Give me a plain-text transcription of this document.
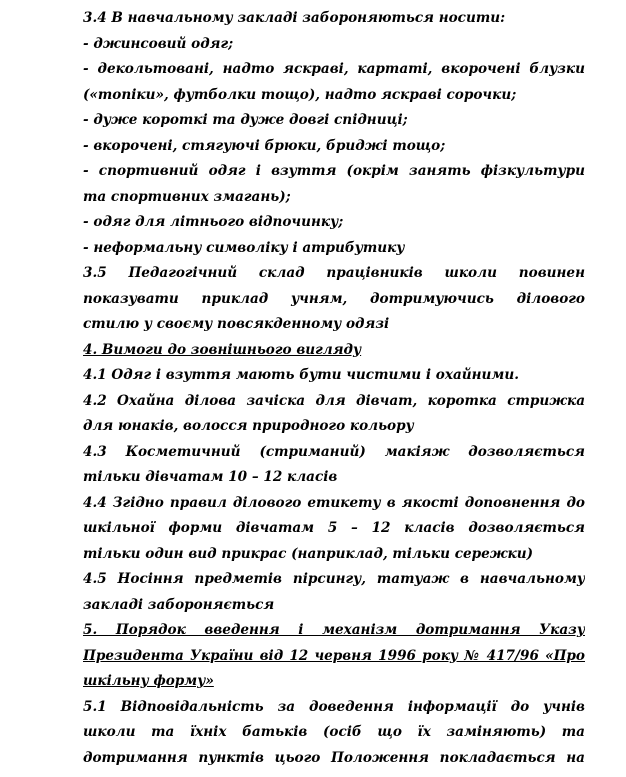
3.4 В навчальному закладі забороняються носити:
- джинсовий одяг;
- декольтовані, надто яскраві, картаті, вкорочені блузки
(«топіки», футболки тощо), надто яскраві сорочки;
- дуже короткі та дуже довгі спідниці;
- вкорочені, стягуючі брюки, бриджі тощо;
- спортивний одяг і взуття (окрім занять фізкультури
та спортивних змагань);
- одяг для літнього відпочинку;
- неформальну символіку і атрибутику
3.5 Педагогічний склад працівників школи повинен
показувати приклад учням, дотримуючись ділового
стилю у своєму повсякденному одязі
4. Вимоги до зовнішнього вигляду
4.1 Одяг і взуття мають бути чистими і охайними.
4.2 Охайна ділова зачіска для дівчат, коротка стрижка
для юнаків, волосся природного кольору
4.3 Косметичний (стриманий) макіяж дозволяється
тільки дівчатам 10 – 12 класів
4.4 Згідно правил ділового етикету в якості доповнення до
шкільної форми дівчатам 5 – 12 класів дозволяється
тільки один вид прикрас (наприклад, тільки сережки)
4.5 Носіння предметів пірсингу, татуаж в навчальному
закладі забороняється
5. Порядок введення і механізм дотримання Указу
Президента України від 12 червня 1996 року № 417/96 «Про
шкільну форму»
5.1 Відповідальність за доведення інформації до учнів
школи та їхніх батьків (осіб що їх заміняють) та
дотримання пунктів цього Положення покладається на
